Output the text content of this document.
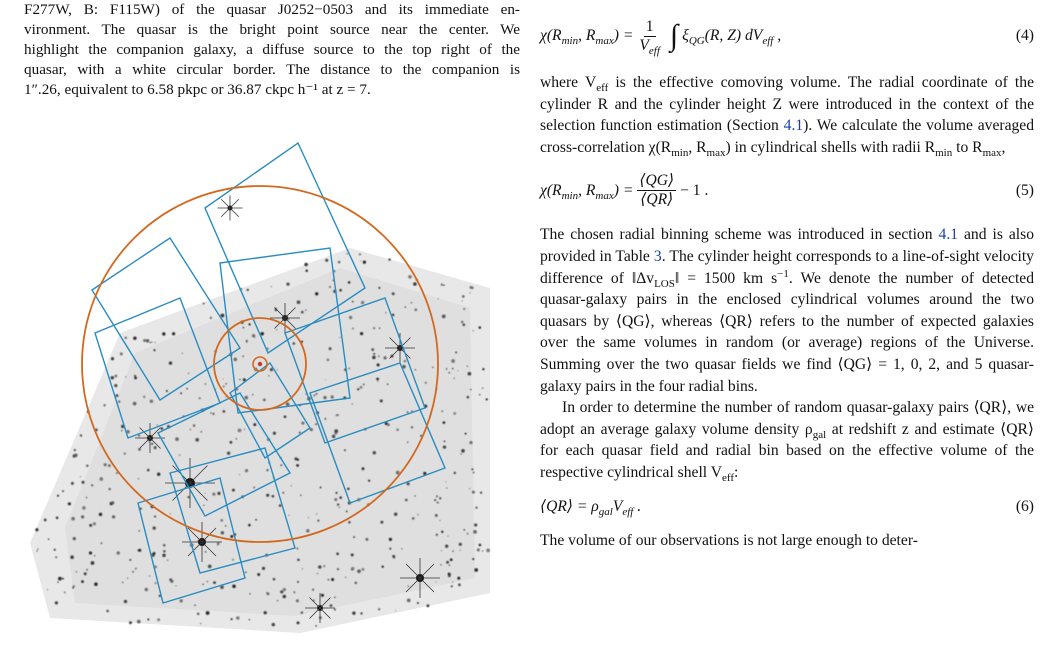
F277W, B: F115W) of the quasar J0252−0503 and its immediate en-
vironment. The quasar is the bright point source near the center. We
highlight the companion galaxy, a diffuse source to the top right of the
quasar, with a white circular border. The distance to the companion is
1″.26, equivalent to 6.58 pkpc or 36.87 ckpc h⁻¹ at z = 7.
$\chi(R_{min}$, $R_{max}) = \frac{1}{V_{eff}}$ ∫ $\xi_{QG}(R$, Z) $dV_{eff}$ ,	(4)

where $V_{eff}$ is the effective comoving volume. The radial coordinate of the cylinder R and the cylinder height Z were introduced in the context of the selection function estimation (Section 4.1). We calculate the volume averaged cross-correlation $\chi(R_{min}$, $R_{max}$) in cylindrical shells with radii $R_{min}$ to $R_{max}$,

$\chi(R_{min}$, $R_{max}) = \frac{⟨QG⟩}{⟨QR⟩} - 1$ .	(5)

The chosen radial binning scheme was introduced in section 4.1 and is also provided in Table 3. The cylinder height corresponds to a line-of-sight velocity difference of $‖\Delta v_{LOS}‖ = 1500$ km $s^{-1}$. We denote the number of detected quasar-galaxy pairs in the enclosed cylindrical volumes around the two quasars by ⟨QG⟩, whereas ⟨QR⟩ refers to the number of expected galaxies over the same volumes in random (or average) regions of the Universe. Summing over the two quasar fields we find ⟨QG⟩ = 1, 0, 2, and 5 quasar-galaxy pairs in the four radial bins.

In order to determine the number of random quasar-galaxy pairs ⟨QR⟩, we adopt an average galaxy volume density $\rho_{gal}$ at redshift z and estimate ⟨QR⟩ for each quasar field and radial bin based on the effective volume of the respective cylindrical shell $V_{eff}$:

⟨QR⟩ = $\rho_{gal}V_{eff}$ .	(6)

The volume of our observations is not large enough to deter-
